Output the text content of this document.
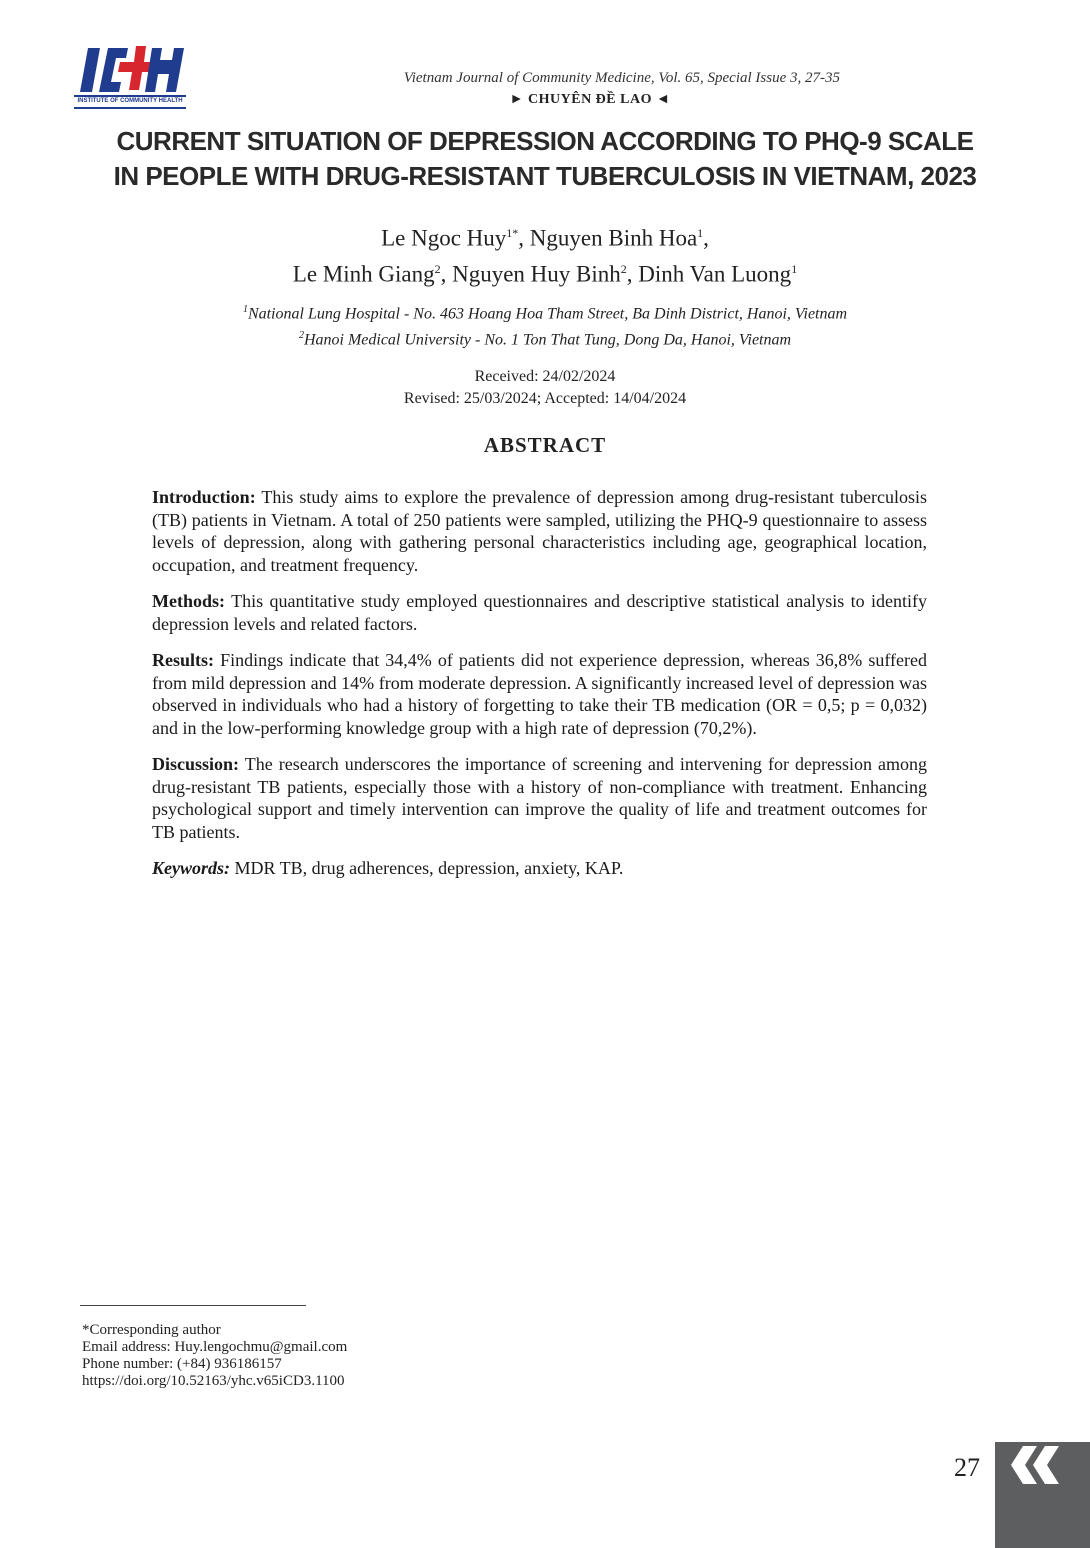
INSTITUTE OF COMMUNITY HEALTH
Vietnam Journal of Community Medicine, Vol. 65, Special Issue 3, 27-35
► CHUYÊN ĐỀ LAO ◄
CURRENT SITUATION OF DEPRESSION ACCORDING TO PHQ-9 SCALE
IN PEOPLE WITH DRUG-RESISTANT TUBERCULOSIS IN VIETNAM, 2023
Le Ngoc Huy$^{1*}$, Nguyen Binh Hoa$^1$,
Le Minh Giang$^2$, Nguyen Huy Binh$^2$, Dinh Van Luong$^1$
$^1$National Lung Hospital - No. 463 Hoang Hoa Tham Street, Ba Dinh District, Hanoi, Vietnam
$^2$Hanoi Medical University - No. 1 Ton That Tung, Dong Da, Hanoi, Vietnam
Received: 24/02/2024
Revised: 25/03/2024; Accepted: 14/04/2024
ABSTRACT

Introduction: This study aims to explore the prevalence of depression among drug-resistant tuberculosis (TB) patients in Vietnam. A total of 250 patients were sampled, utilizing the PHQ-9 questionnaire to assess levels of depression, along with gathering personal characteristics including age, geographical location, occupation, and treatment frequency.

Methods: This quantitative study employed questionnaires and descriptive statistical analysis to identify depression levels and related factors.

Results: Findings indicate that 34,4% of patients did not experience depression, whereas 36,8% suffered from mild depression and 14% from moderate depression. A significantly increased level of depression was observed in individuals who had a history of forgetting to take their TB medication (OR = 0,5; p = 0,032) and in the low-performing knowledge group with a high rate of depression (70,2%).

Discussion: The research underscores the importance of screening and intervening for depression among drug-resistant TB patients, especially those with a history of non-compliance with treatment. Enhancing psychological support and timely intervention can improve the quality of life and treatment outcomes for TB patients.

Keywords: MDR TB, drug adherences, depression, anxiety, KAP.

*Corresponding author
Email address: Huy.lengochmu@gmail.com
Phone number: (+84) 936186157
https://doi.org/10.52163/yhc.v65iCD3.1100
27
